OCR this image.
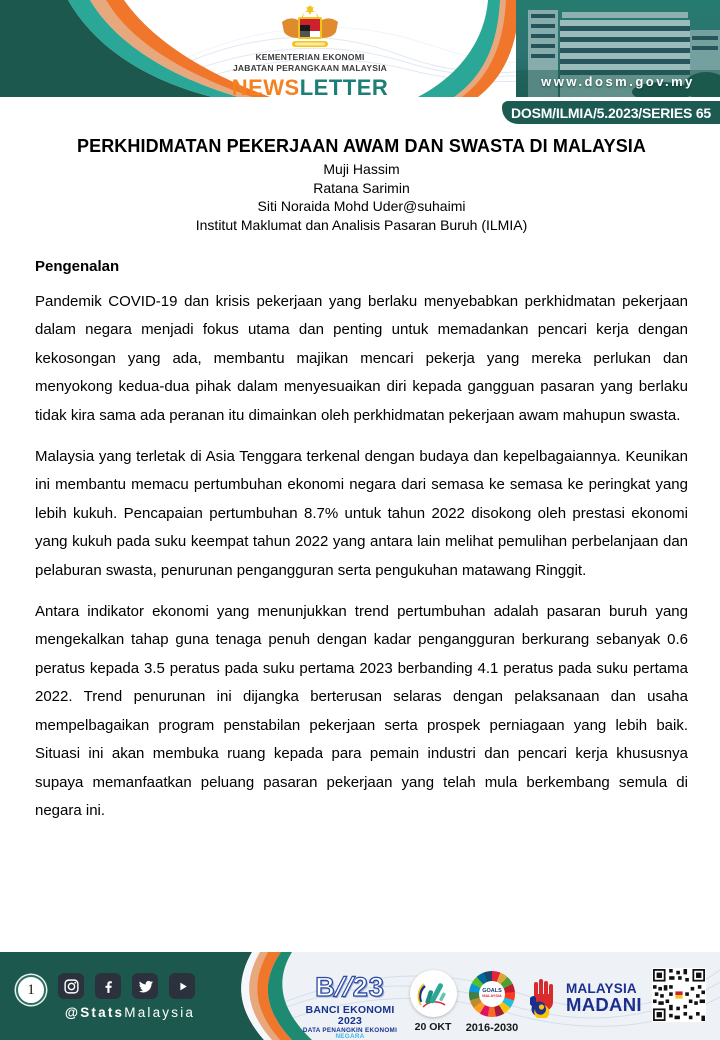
KEMENTERIAN EKONOMI
JABATAN PERANGKAAN MALAYSIA
NEWSLETTER	www.dosm.gov.my
DOSM/ILMIA/5.2023/SERIES 65
PERKHIDMATAN PEKERJAAN AWAM DAN SWASTA DI MALAYSIA
Muji Hassim
Ratana Sarimin
Siti Noraida Mohd Uder@suhaimi
Institut Maklumat dan Analisis Pasaran Buruh (ILMIA)
Pengenalan

Pandemik COVID-19 dan krisis pekerjaan yang berlaku menyebabkan perkhidmatan pekerjaan dalam negara menjadi fokus utama dan penting untuk memadankan pencari kerja dengan kekosongan yang ada, membantu majikan mencari pekerja yang mereka perlukan dan menyokong kedua-dua pihak dalam menyesuaikan diri kepada gangguan pasaran yang berlaku tidak kira sama ada peranan itu dimainkan oleh perkhidmatan pekerjaan awam mahupun swasta.

Malaysia yang terletak di Asia Tenggara terkenal dengan budaya dan kepelbagaiannya. Keunikan ini membantu memacu pertumbuhan ekonomi negara dari semasa ke semasa ke peringkat yang lebih kukuh. Pencapaian pertumbuhan 8.7% untuk tahun 2022 disokong oleh prestasi ekonomi yang kukuh pada suku keempat tahun 2022 yang antara lain melihat pemulihan perbelanjaan dan pelaburan swasta, penurunan pengangguran serta pengukuhan matawang Ringgit.

Antara indikator ekonomi yang menunjukkan trend pertumbuhan adalah pasaran buruh yang mengekalkan tahap guna tenaga penuh dengan kadar pengangguran berkurang sebanyak 0.6 peratus kepada 3.5 peratus pada suku pertama 2023 berbanding 4.1 peratus pada suku pertama 2022. Trend penurunan ini dijangka berterusan selaras dengan pelaksanaan dan usaha mempelbagaikan program penstabilan pekerjaan serta prospek perniagaan yang lebih baik. Situasi ini akan membuka ruang kepada para pemain industri dan pencari kerja khususnya supaya memanfaatkan peluang pasaran pekerjaan yang telah mula berkembang semula di negara ini.

1
@StatsMalaysia
B//23
BANCI EKONOMI 2023
DATA PENANGKIN EKONOMI NEGARA
20 OKT
GOALS
MALAYSIA
2016-2030
MALAYSIA
MADANI
